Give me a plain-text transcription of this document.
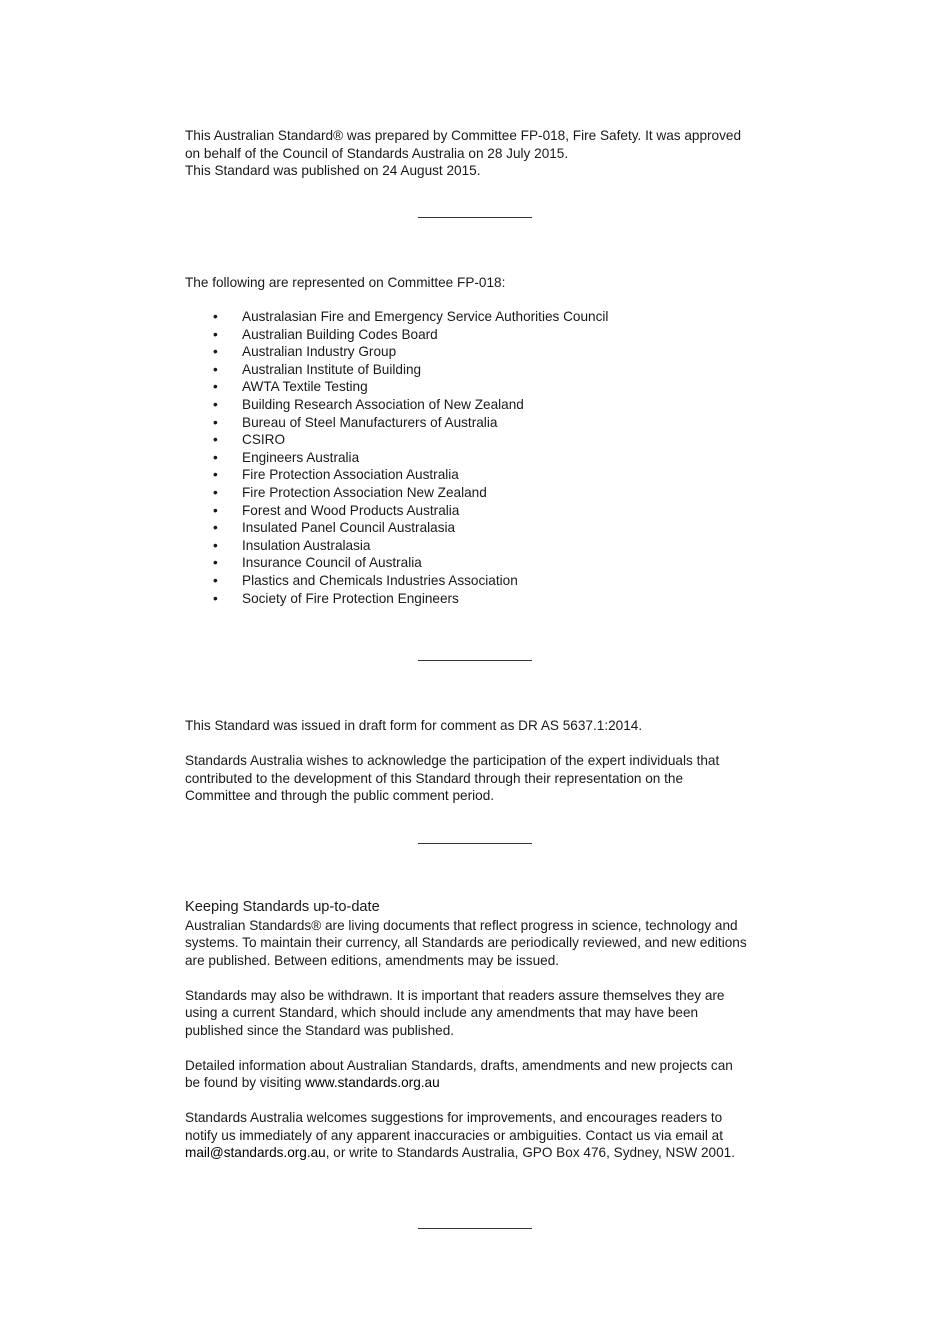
This Australian Standard® was prepared by Committee FP-018, Fire Safety. It was approved

on behalf of the Council of Standards Australia on 28 July 2015.

This Standard was published on 24 August 2015.

The following are represented on Committee FP-018:

• Australasian Fire and Emergency Service Authorities Council
• Australian Building Codes Board
• Australian Industry Group
• Australian Institute of Building
• AWTA Textile Testing
• Building Research Association of New Zealand
• Bureau of Steel Manufacturers of Australia
• CSIRO
• Engineers Australia
• Fire Protection Association Australia
• Fire Protection Association New Zealand
• Forest and Wood Products Australia
• Insulated Panel Council Australasia
• Insulation Australasia
• Insurance Council of Australia
• Plastics and Chemicals Industries Association
• Society of Fire Protection Engineers

This Standard was issued in draft form for comment as DR AS 5637.1:2014.

Standards Australia wishes to acknowledge the participation of the expert individuals that

contributed to the development of this Standard through their representation on the

Committee and through the public comment period.

Keeping Standards up-to-date

Australian Standards® are living documents that reflect progress in science, technology and

systems. To maintain their currency, all Standards are periodically reviewed, and new editions

are published. Between editions, amendments may be issued.

Standards may also be withdrawn. It is important that readers assure themselves they are

using a current Standard, which should include any amendments that may have been

published since the Standard was published.

Detailed information about Australian Standards, drafts, amendments and new projects can

be found by visiting www.standards.org.au

Standards Australia welcomes suggestions for improvements, and encourages readers to

notify us immediately of any apparent inaccuracies or ambiguities. Contact us via email at

mail@standards.org.au, or write to Standards Australia, GPO Box 476, Sydney, NSW 2001.
